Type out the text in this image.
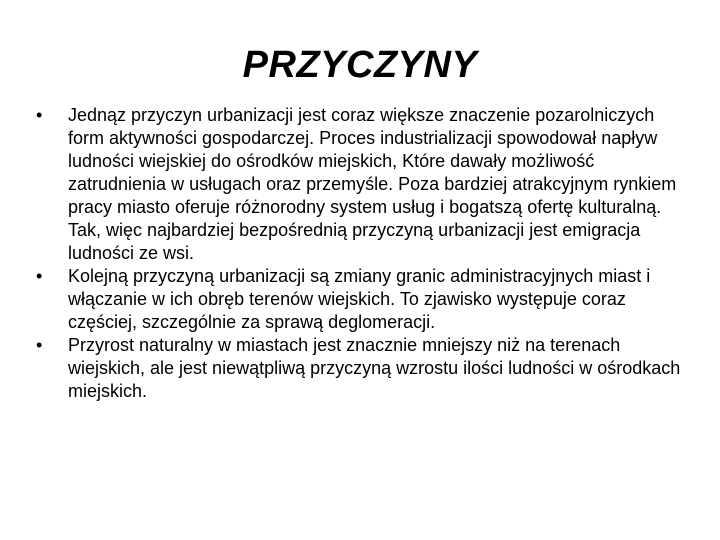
PRZYCZYNY
•	Jednąz przyczyn urbanizacji jest coraz większe znaczenie pozarolniczych form aktywności gospodarczej. Proces industrializacji spowodował napływ ludności wiejskiej do ośrodków miejskich, Które dawały możliwość zatrudnienia w usługach oraz przemyśle. Poza bardziej atrakcyjnym rynkiem pracy miasto oferuje różnorodny system usług i bogatszą ofertę kulturalną. Tak, więc najbardziej bezpośrednią przyczyną urbanizacji jest emigracja ludności ze wsi.
•	Kolejną przyczyną urbanizacji są zmiany granic administracyjnych miast i włączanie w ich obręb terenów wiejskich. To zjawisko występuje coraz częściej, szczególnie za sprawą deglomeracji.
•	Przyrost naturalny w miastach jest znacznie mniejszy niż na terenach wiejskich, ale jest niewątpliwą przyczyną wzrostu ilości ludności w ośrodkach miejskich.
